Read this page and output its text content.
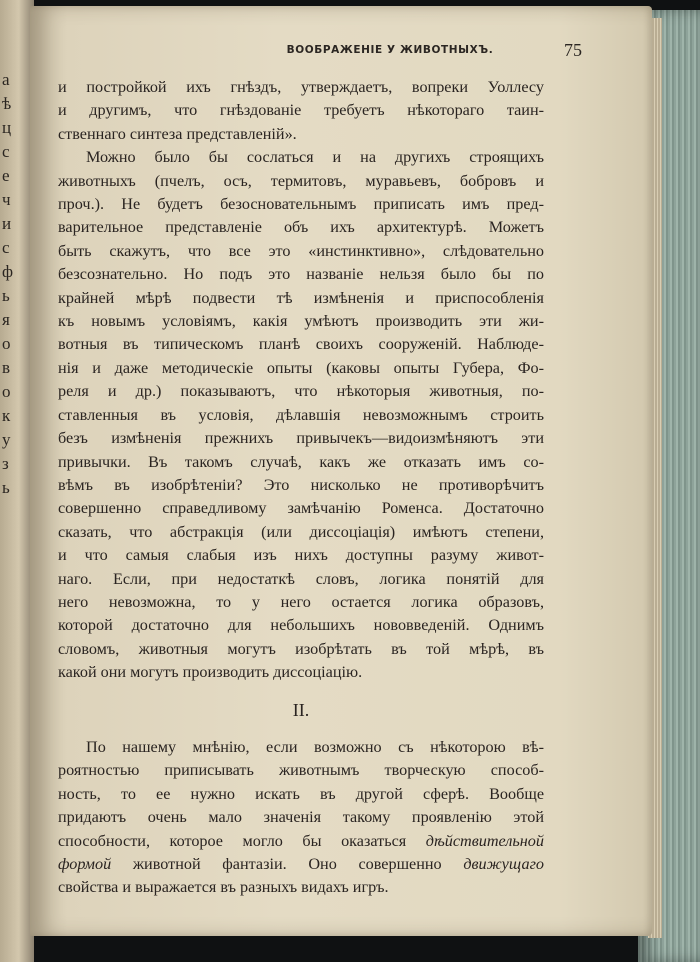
а
ѣ
ц
с
е
ч
и
с
ф
ь
я
о
в
о
к
у
з
ь
ВООБРАЖЕНІЕ У ЖИВОТНЫХЪ.	75
и постройкой ихъ гнѣздъ, утверждаетъ, вопреки Уоллесу
и другимъ, что гнѣздованіе требуетъ нѣкотораго таин-
ственнаго синтеза представленій».
Можно было бы сослаться и на другихъ строящихъ
животныхъ (пчелъ, осъ, термитовъ, муравьевъ, бобровъ и
проч.). Не будетъ безосновательнымъ приписать имъ пред-
варительное представленіе объ ихъ архитектурѣ. Можетъ
быть скажутъ, что все это «инстинктивно», слѣдовательно
безсознательно. Но подъ это названіе нельзя было бы по
крайней мѣрѣ подвести тѣ измѣненія и приспособленія
къ новымъ условіямъ, какія умѣютъ производить эти жи-
вотныя въ типическомъ планѣ своихъ сооруженій. Наблюде-
нія и даже методическіе опыты (каковы опыты Губера, Фо-
реля и др.) показываютъ, что нѣкоторыя животныя, по-
ставленныя въ условія, дѣлавшія невозможнымъ строить
безъ измѣненія прежнихъ привычекъ—видоизмѣняютъ эти
привычки. Въ такомъ случаѣ, какъ же отказать имъ со-
вѣмъ въ изобрѣтеніи? Это нисколько не противорѣчитъ
совершенно справедливому замѣчанію Роменса. Достаточно
сказать, что абстракція (или диссоціація) имѣютъ степени,
и что самыя слабыя изъ нихъ доступны разуму живот-
наго. Если, при недостаткѣ словъ, логика понятій для
него невозможна, то у него остается логика образовъ,
которой достаточно для небольшихъ нововведеній. Однимъ
словомъ, животныя могутъ изобрѣтать въ той мѣрѣ, въ
какой они могутъ производить диссоціацію.
II.
По нашему мнѣнію, если возможно съ нѣкоторою вѣ-
роятностью приписывать животнымъ творческую способ-
ность, то ее нужно искать въ другой сферѣ. Вообще
придаютъ очень мало значенія такому проявленію этой
способности, которое могло бы оказаться дѣйствительной
формой животной фантазіи. Оно совершенно движущаго
свойства и выражается въ разныхъ видахъ игръ.
